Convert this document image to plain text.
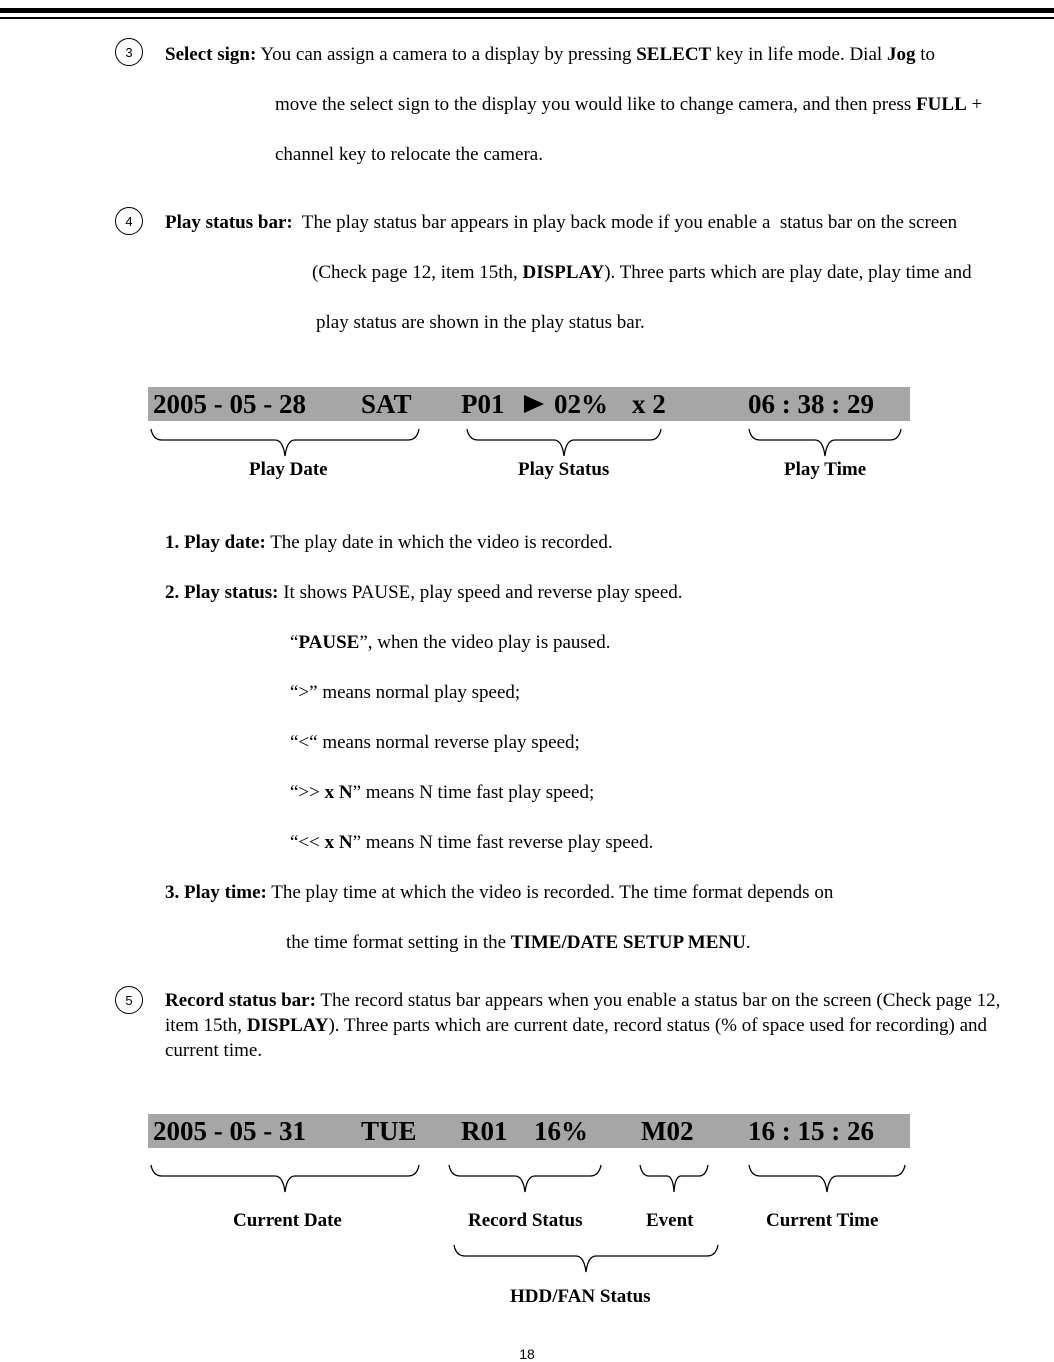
3	Select sign: You can assign a camera to a display by pressing SELECT key in life mode. Dial Jog to
move the select sign to the display you would like to change camera, and then press FULL +
channel key to relocate the camera.
4	Play status bar:  The play status bar appears in play back mode if you enable a  status bar on the screen
(Check page 12, item 15th, DISPLAY). Three parts which are play date, play time and
play status are shown in the play status bar.
2005 - 05 - 28 SAT P01 02% x 2	06 : 38 : 29
Play Date	Play Status	Play Time
1. Play date: The play date in which the video is recorded.
2. Play status: It shows PAUSE, play speed and reverse play speed.
“PAUSE”, when the video play is paused.
“>” means normal play speed;
“<“ means normal reverse play speed;
“>> x N” means N time fast play speed;
“<< x N” means N time fast reverse play speed.
3. Play time: The play time at which the video is recorded. The time format depends on
the time format setting in the TIME/DATE SETUP MENU.
5	Record status bar: The record status bar appears when you enable a status bar on the screen (Check page 12, item 15th, DISPLAY). Three parts which are current date, record status (% of space used for recording) and current time.
2005 - 05 - 31 TUE R01 16% M02 16 : 15 : 26
Current Date	Record Status	Event	Current Time
HDD/FAN Status
18
